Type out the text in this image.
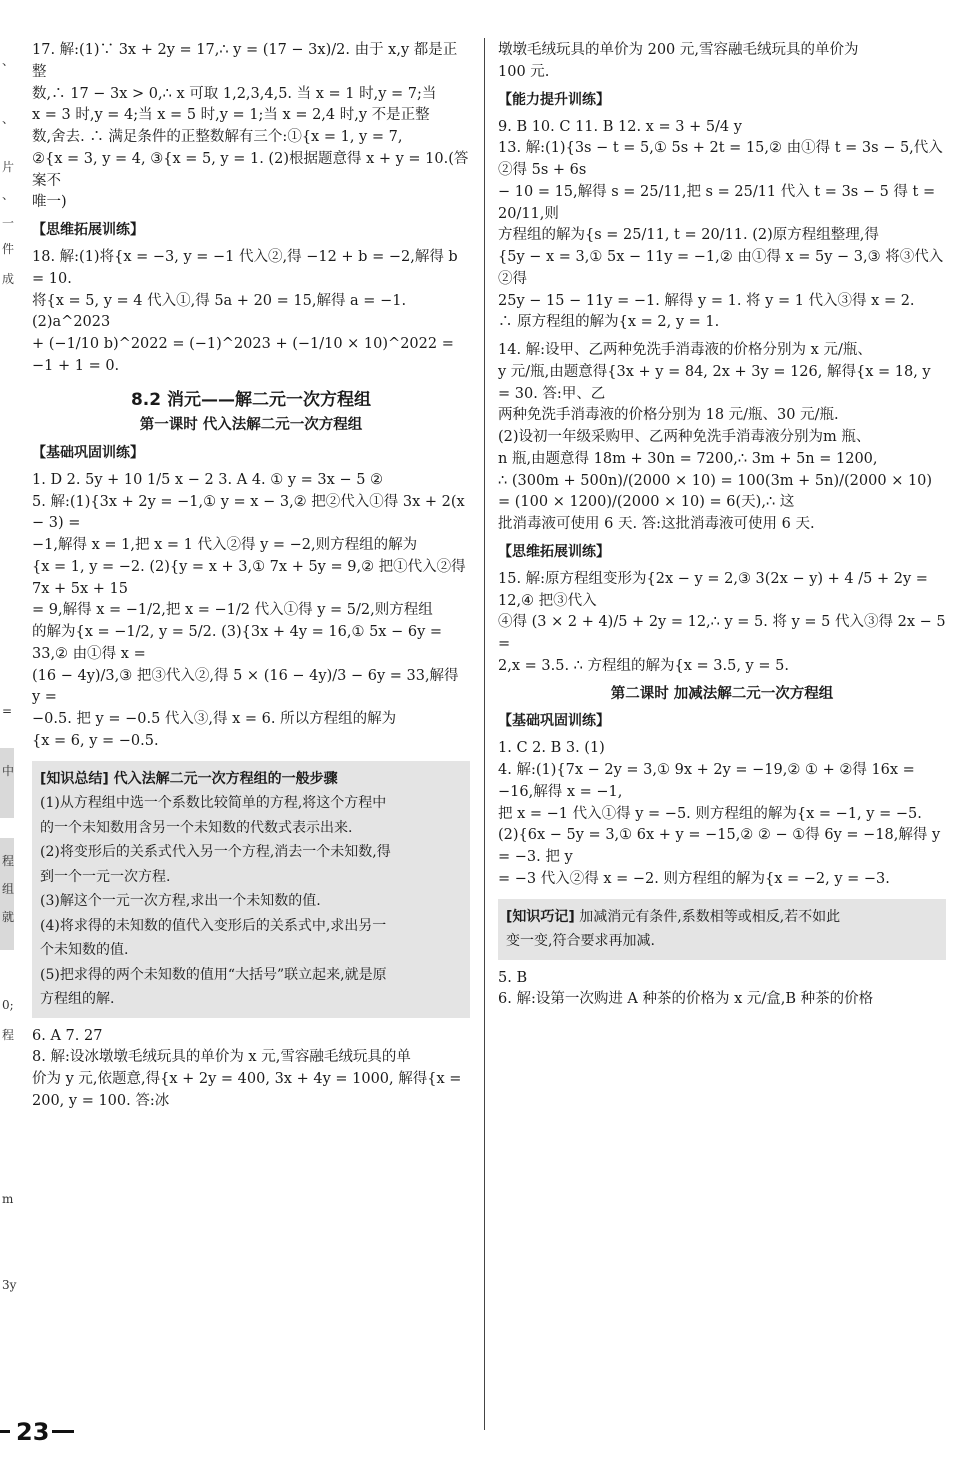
、
、
片
、
一
件
成
=
中
程
组
就
0;
程
m
3y

17. 解:(1)∵ 3x + 2y = 17,∴ y = (17 − 3x)/2. 由于 x,y 都是正整

数,∴ 17 − 3x > 0,∴ x 可取 1,2,3,4,5. 当 x = 1 时,y = 7;当

x = 3 时,y = 4;当 x = 5 时,y = 1;当 x = 2,4 时,y 不是正整

数,舍去. ∴ 满足条件的正整数解有三个:①{x = 1, y = 7,

②{x = 3, y = 4, ③{x = 5, y = 1. (2)根据题意得 x + y = 10.(答案不

唯一)

【思维拓展训练】

18. 解:(1)将{x = −3, y = −1 代入②,得 −12 + b = −2,解得 b = 10.

将{x = 5, y = 4 代入①,得 5a + 20 = 15,解得 a = −1. (2)a^2023

+ (−1/10 b)^2022 = (−1)^2023 + (−1/10 × 10)^2022 = −1 + 1 = 0.

8.2 消元——解二元一次方程组
第一课时 代入法解二元一次方程组
【基础巩固训练】

1. D 2. 5y + 10 1/5 x − 2 3. A 4. ① y = 3x − 5 ②

5. 解:(1){3x + 2y = −1,① y = x − 3,② 把②代入①得 3x + 2(x − 3) =

−1,解得 x = 1,把 x = 1 代入②得 y = −2,则方程组的解为

{x = 1, y = −2. (2){y = x + 3,① 7x + 5y = 9,② 把①代入②得 7x + 5x + 15

= 9,解得 x = −1/2,把 x = −1/2 代入①得 y = 5/2,则方程组

的解为{x = −1/2, y = 5/2. (3){3x + 4y = 16,① 5x − 6y = 33,② 由①得 x =

(16 − 4y)/3,③ 把③代入②,得 5 × (16 − 4y)/3 − 6y = 33,解得 y =

−0.5. 把 y = −0.5 代入③,得 x = 6. 所以方程组的解为

{x = 6, y = −0.5.

[知识总结] 代入法解二元一次方程组的一般步骤

(1)从方程组中选一个系数比较简单的方程,将这个方程中

的一个未知数用含另一个未知数的代数式表示出来.

(2)将变形后的关系式代入另一个方程,消去一个未知数,得

到一个一元一次方程.

(3)解这个一元一次方程,求出一个未知数的值.

(4)将求得的未知数的值代入变形后的关系式中,求出另一

个未知数的值.

(5)把求得的两个未知数的值用“大括号”联立起来,就是原

方程组的解.

6. A 7. 27

8. 解:设冰墩墩毛绒玩具的单价为 x 元,雪容融毛绒玩具的单

价为 y 元,依题意,得{x + 2y = 400, 3x + 4y = 1000, 解得{x = 200, y = 100. 答:冰

墩墩毛绒玩具的单价为 200 元,雪容融毛绒玩具的单价为

100 元.

【能力提升训练】

9. B 10. C 11. B 12. x = 3 + 5/4 y

13. 解:(1){3s − t = 5,① 5s + 2t = 15,② 由①得 t = 3s − 5,代入②得 5s + 6s

− 10 = 15,解得 s = 25/11,把 s = 25/11 代入 t = 3s − 5 得 t = 20/11,则

方程组的解为{s = 25/11, t = 20/11. (2)原方程组整理,得

{5y − x = 3,① 5x − 11y = −1,② 由①得 x = 5y − 3,③ 将③代入②得

25y − 15 − 11y = −1. 解得 y = 1. 将 y = 1 代入③得 x = 2.

∴ 原方程组的解为{x = 2, y = 1.

14. 解:设甲、乙两种免洗手消毒液的价格分别为 x 元/瓶、

y 元/瓶,由题意得{3x + y = 84, 2x + 3y = 126, 解得{x = 18, y = 30. 答:甲、乙

两种免洗手消毒液的价格分别为 18 元/瓶、30 元/瓶.

(2)设初一年级采购甲、乙两种免洗手消毒液分别为m 瓶、

n 瓶,由题意得 18m + 30n = 7200,∴ 3m + 5n = 1200,

∴ (300m + 500n)/(2000 × 10) = 100(3m + 5n)/(2000 × 10) = (100 × 1200)/(2000 × 10) = 6(天),∴ 这

批消毒液可使用 6 天. 答:这批消毒液可使用 6 天.

【思维拓展训练】

15. 解:原方程组变形为{2x − y = 2,③ 3(2x − y) + 4 /5 + 2y = 12,④ 把③代入

④得 (3 × 2 + 4)/5 + 2y = 12,∴ y = 5. 将 y = 5 代入③得 2x − 5 =

2,x = 3.5. ∴ 方程组的解为{x = 3.5, y = 5.

第二课时 加减法解二元一次方程组
【基础巩固训练】

1. C 2. B 3. (1)

4. 解:(1){7x − 2y = 3,① 9x + 2y = −19,② ① + ②得 16x = −16,解得 x = −1,

把 x = −1 代入①得 y = −5. 则方程组的解为{x = −1, y = −5.

(2){6x − 5y = 3,① 6x + y = −15,② ② − ①得 6y = −18,解得 y = −3. 把 y

= −3 代入②得 x = −2. 则方程组的解为{x = −2, y = −3.

[知识巧记] 加减消元有条件,系数相等或相反,若不如此

变一变,符合要求再加减.

5. B

6. 解:设第一次购进 A 种茶的价格为 x 元/盒,B 种茶的价格

23
